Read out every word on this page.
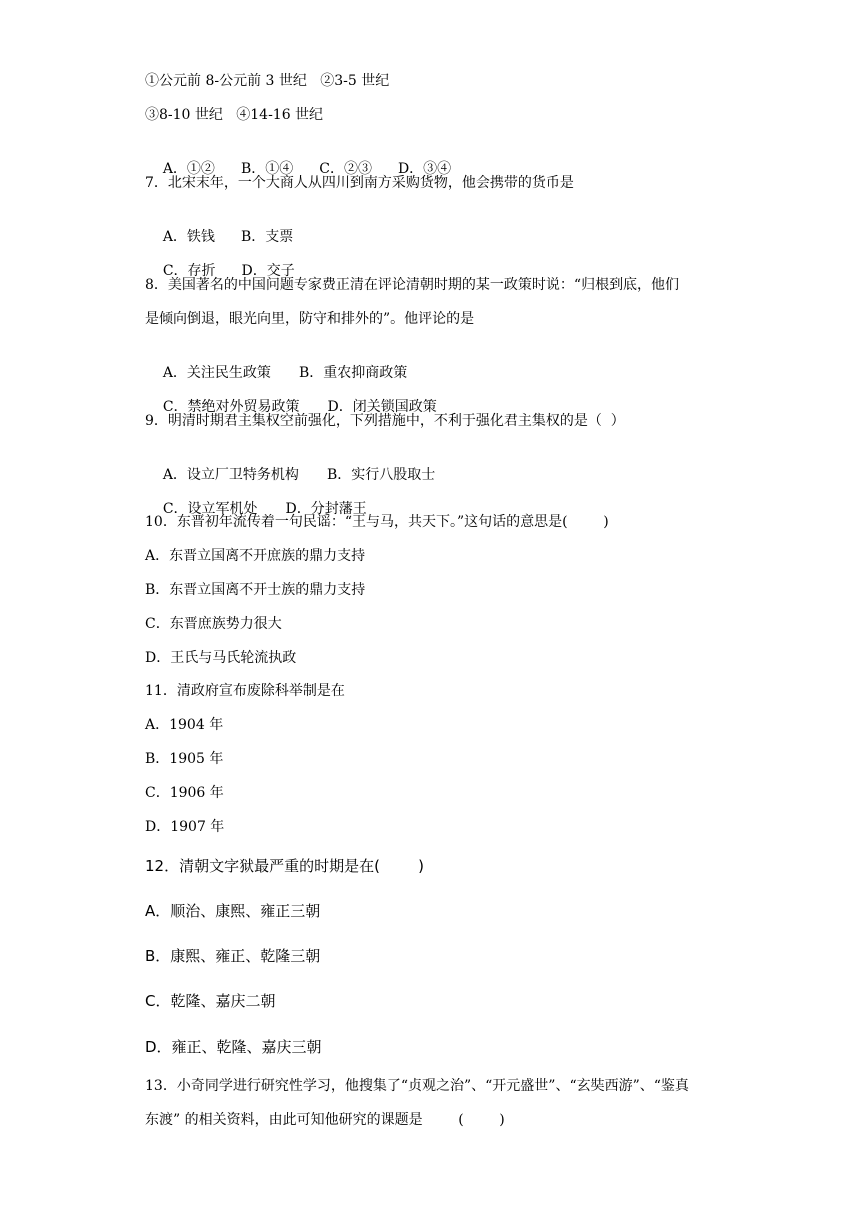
①公元前 8-公元前 3 世纪   ②3-5 世纪
③8-10 世纪   ④14-16 世纪

A．①② B．①④ C．②③ D．③④

7．北宋末年，一个大商人从四川到南方采购货物，他会携带的货币是

A．铁钱 B．支票

C．存折 D．交子

8．美国著名的中国问题专家费正清在评论清朝时期的某一政策时说：“归根到底，他们
是倾向倒退，眼光向里，防守和排外的”。他评论的是

A．关注民生政策 B．重农抑商政策

C．禁绝对外贸易政策 D．闭关锁国政策

9．明清时期君主集权空前强化，下列措施中，不利于强化君主集权的是（  ）

A．设立厂卫特务机构 B．实行八股取士

C．设立军机处 D．分封藩王

10．东晋初年流传着一句民谣：“王与马，共天下。”这句话的意思是(        )
A．东晋立国离不开庶族的鼎力支持
B．东晋立国离不开士族的鼎力支持
C．东晋庶族势力很大
D．王氏与马氏轮流执政
11．清政府宣布废除科举制是在
A．1904 年
B．1905 年
C．1906 年
D．1907 年
12．清朝文字狱最严重的时期是在(        )
A．顺治、康熙、雍正三朝
B．康熙、雍正、乾隆三朝
C．乾隆、嘉庆二朝
D．雍正、乾隆、嘉庆三朝
13．小奇同学进行研究性学习，他搜集了“贞观之治”、“开元盛世”、“玄奘西游”、“鉴真
东渡” 的相关资料，由此可知他研究的课题是        (        )
